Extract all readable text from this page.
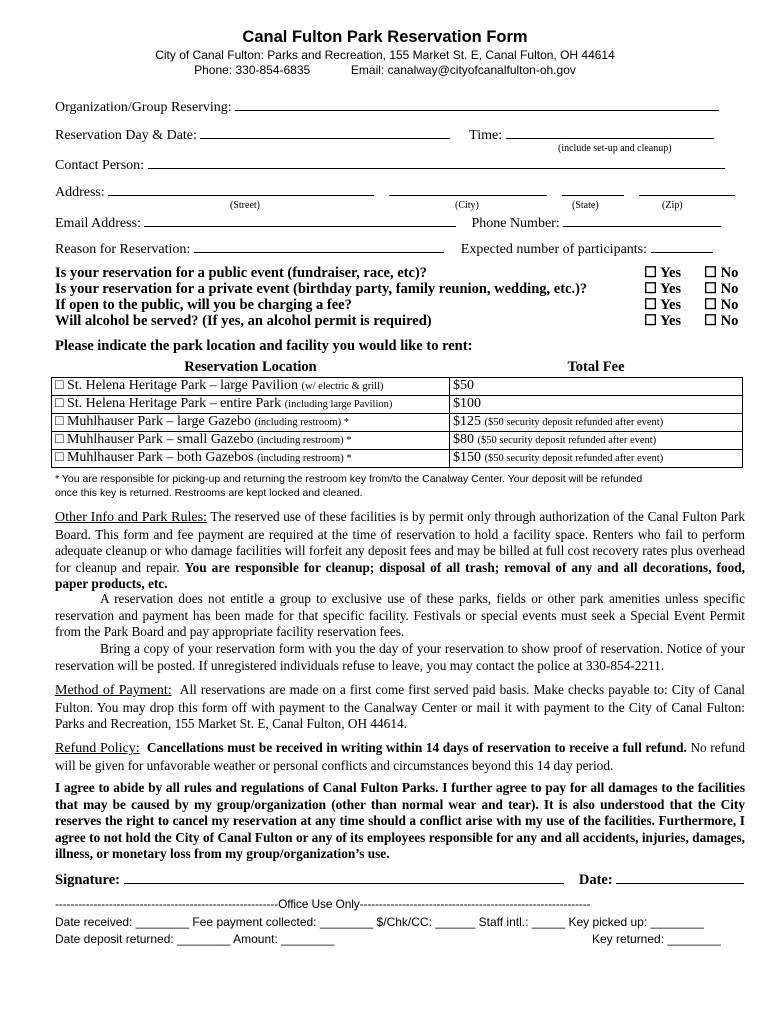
Canal Fulton Park Reservation Form
City of Canal Fulton: Parks and Recreation, 155 Market St. E, Canal Fulton, OH 44614
Phone: 330-854-6835	Email: canalway@cityofcanalfulton-oh.gov
Organization/Group Reserving:
Reservation Day & Date:	Time:
(include set-up and cleanup)
Contact Person:
Address:
(Street)	(City)	(State)	(Zip)
Email Address:	Phone Number:
Reason for Reservation:	Expected number of participants:
Is your reservation for a public event (fundraiser, race, etc)?	☐ Yes ☐ No
Is your reservation for a private event (birthday party, family reunion, wedding, etc.)?	☐ Yes ☐ No
If open to the public, will you be charging a fee?	☐ Yes ☐ No
Will alcohol be served? (If yes, an alcohol permit is required)	☐ Yes ☐ No
Please indicate the park location and facility you would like to rent:
Reservation Location	Total Fee
□ St. Helena Heritage Park – large Pavilion (w/ electric & grill)	$50
□ St. Helena Heritage Park – entire Park (including large Pavilion)	$100
□ Muhlhauser Park – large Gazebo (including restroom) *	$125 ($50 security deposit refunded after event)
□ Muhlhauser Park – small Gazebo (including restroom) *	$80 ($50 security deposit refunded after event)
□ Muhlhauser Park – both Gazebos (including restroom) *	$150 ($50 security deposit refunded after event)
* You are responsible for picking-up and returning the restroom key from/to the Canalway Center. Your deposit will be refunded
once this key is returned. Restrooms are kept locked and cleaned.
Other Info and Park Rules: The reserved use of these facilities is by permit only through authorization of the Canal Fulton Park Board. This form and fee payment are required at the time of reservation to hold a facility space. Renters who fail to perform adequate cleanup or who damage facilities will forfeit any deposit fees and may be billed at full cost recovery rates plus overhead for cleanup and repair. You are responsible for cleanup; disposal of all trash; removal of any and all decorations, food, paper products, etc.
A reservation does not entitle a group to exclusive use of these parks, fields or other park amenities unless specific reservation and payment has been made for that specific facility. Festivals or special events must seek a Special Event Permit from the Park Board and pay appropriate facility reservation fees.
Bring a copy of your reservation form with you the day of your reservation to show proof of reservation. Notice of your reservation will be posted. If unregistered individuals refuse to leave, you may contact the police at 330-854-2211.
Method of Payment: All reservations are made on a first come first served paid basis. Make checks payable to: City of Canal Fulton. You may drop this form off with payment to the Canalway Center or mail it with payment to the City of Canal Fulton: Parks and Recreation, 155 Market St. E, Canal Fulton, OH 44614.
Refund Policy: Cancellations must be received in writing within 14 days of reservation to receive a full refund. No refund will be given for unfavorable weather or personal conflicts and circumstances beyond this 14 day period.
I agree to abide by all rules and regulations of Canal Fulton Parks. I further agree to pay for all damages to the facilities that may be caused by my group/organization (other than normal wear and tear). It is also understood that the City reserves the right to cancel my reservation at any time should a conflict arise with my use of the facilities. Furthermore, I agree to not hold the City of Canal Fulton or any of its employees responsible for any and all accidents, injuries, damages, illness, or monetary loss from my group/organization’s use.
Signature:	Date:
----------------------------------------------------------Office Use Only------------------------------------------------------------
Date received: ________ Fee payment collected: ________ $/Chk/CC: ______ Staff intl.: _____ Key picked up: ________
Date deposit returned: ________ Amount: ________	Key returned: ________
